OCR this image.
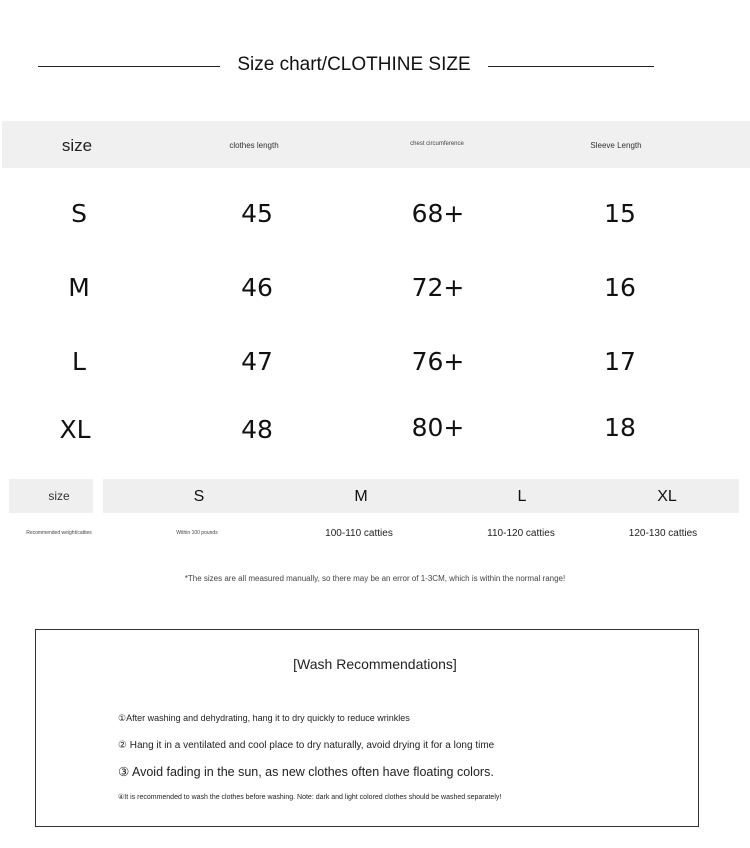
Size chart/CLOTHINE SIZE
size	clothes length	chest circumference	Sleeve Length
S	45	68+	15
M	46	72+	16
L	47	76+	17
XL	48	80+	18
size	S	M	L	XL
Recommended weight/catties	Within 100 pounds	100-110 catties	110-120 catties	120-130 catties
*The sizes are all measured manually, so there may be an error of 1-3CM, which is within the normal range!
[Wash Recommendations]
①After washing and dehydrating, hang it to dry quickly to reduce wrinkles
② Hang it in a ventilated and cool place to dry naturally, avoid drying it for a long time
③ Avoid fading in the sun, as new clothes often have floating colors.
④It is recommended to wash the clothes before washing. Note: dark and light colored clothes should be washed separately!
